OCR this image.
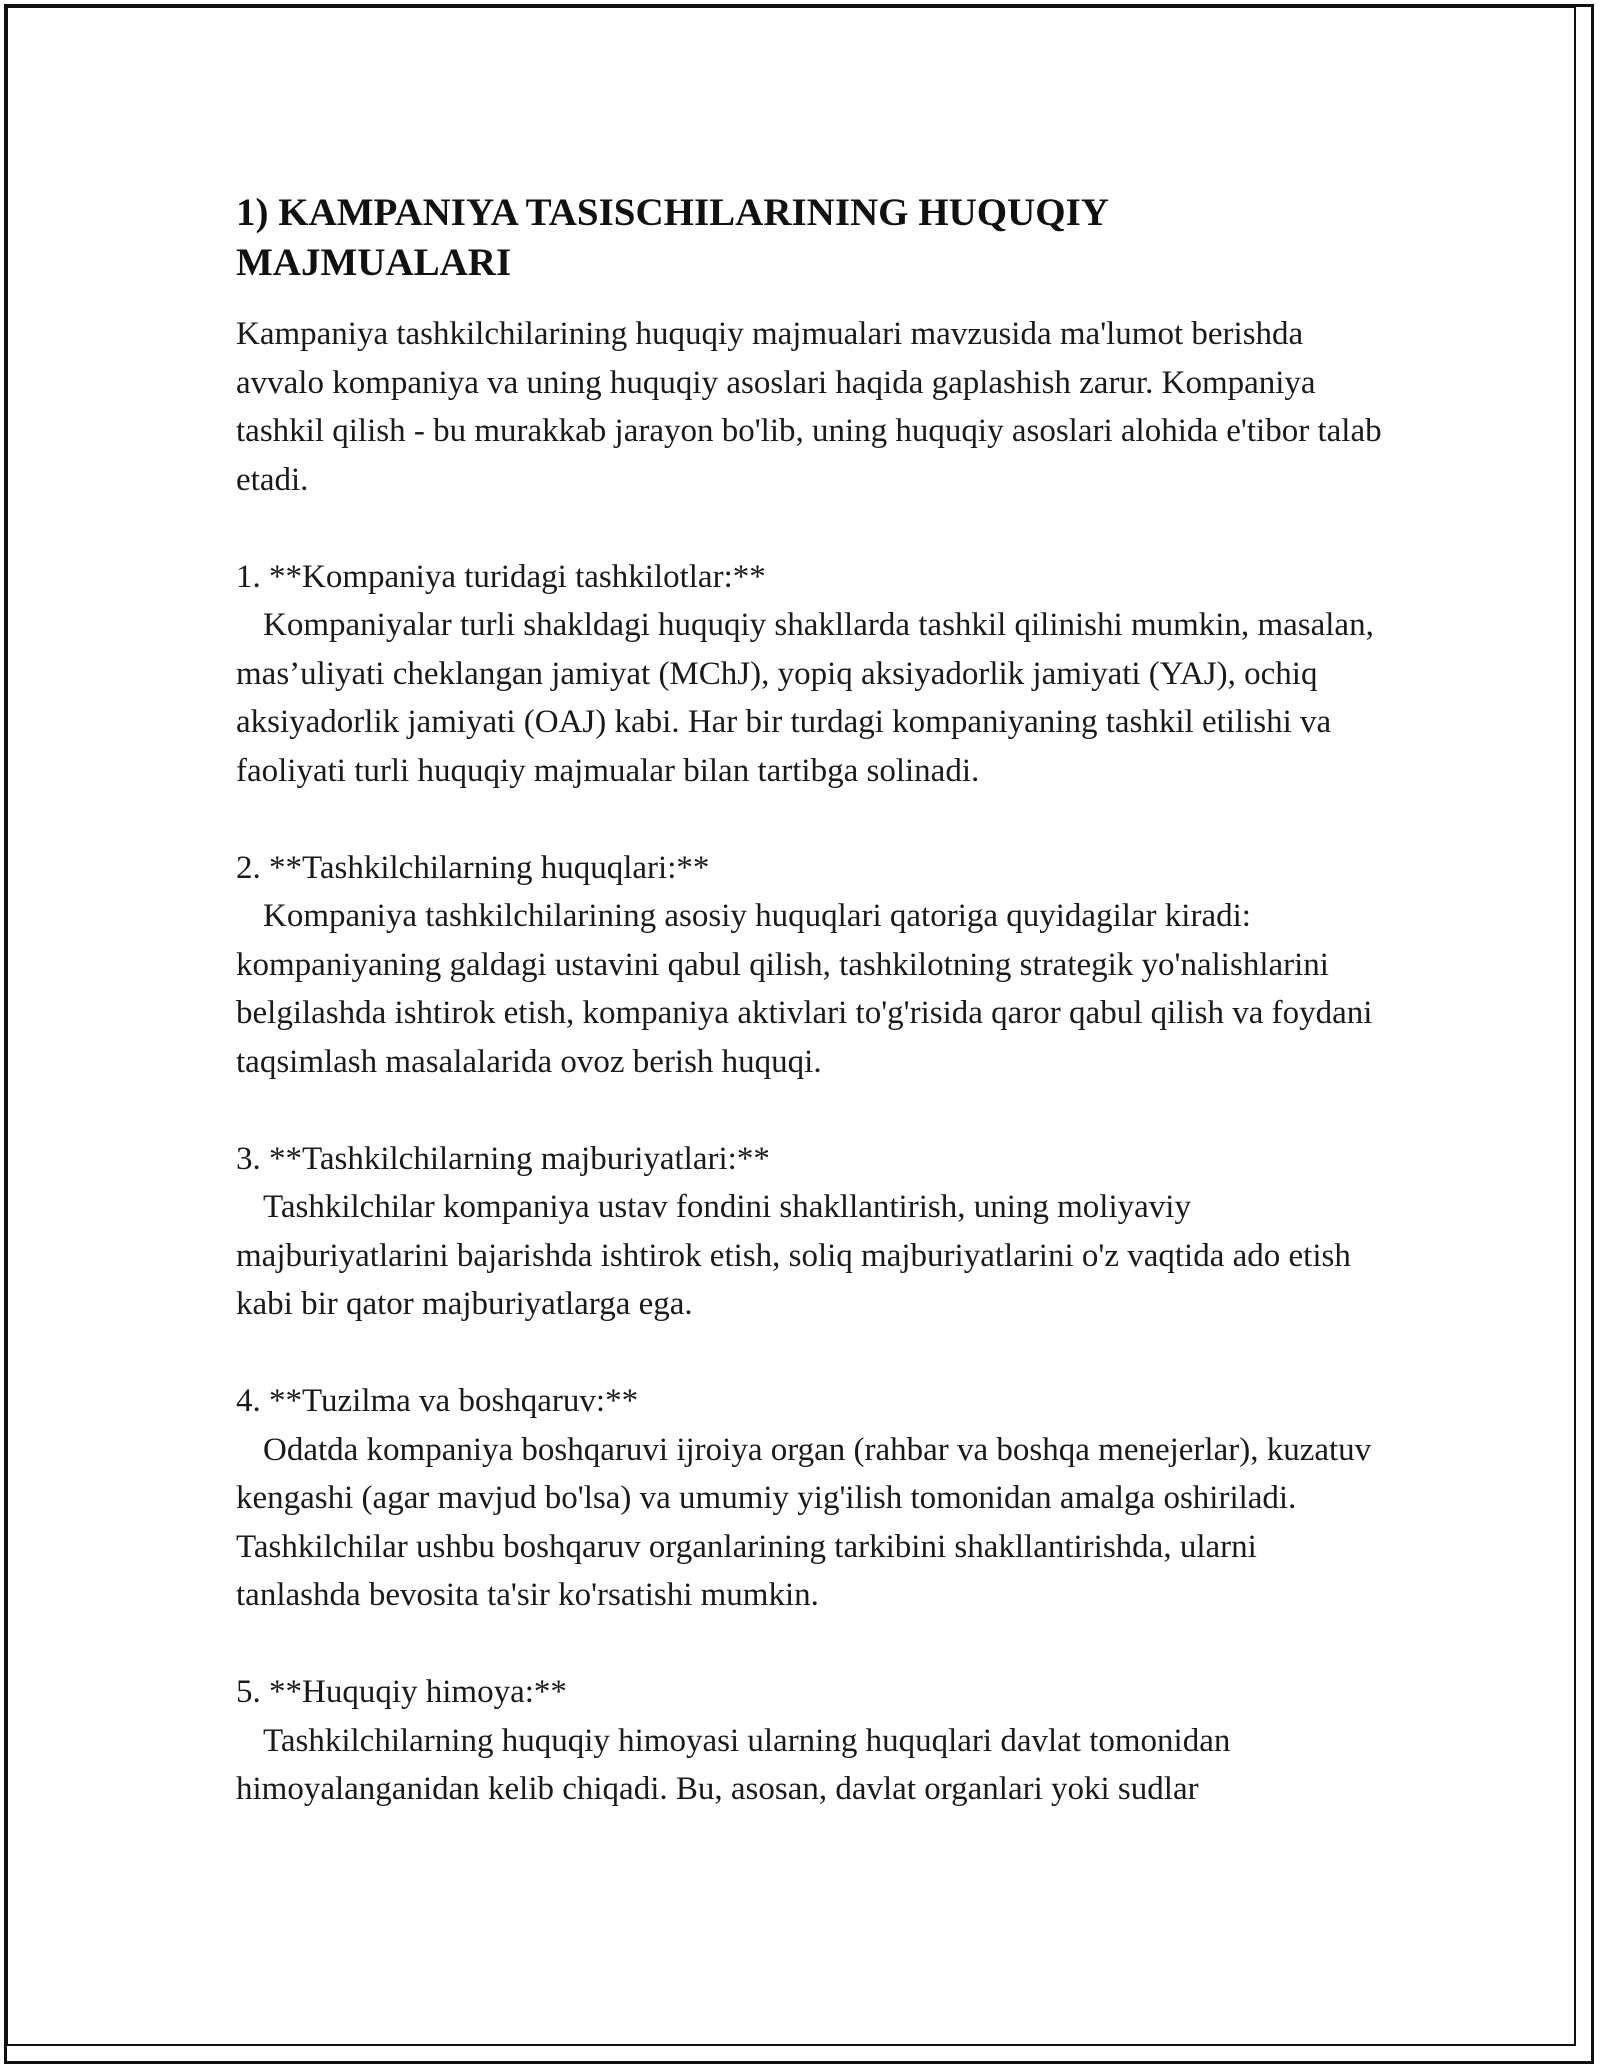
1) KAMPANIYA TASISCHILARINING HUQUQIY MAJMUALARI

Kampaniya tashkilchilarining huquqiy majmualari mavzusida ma'lumot berishda avvalo kompaniya va uning huquqiy asoslari haqida gaplashish zarur. Kompaniya tashkil qilish - bu murakkab jarayon bo'lib, uning huquqiy asoslari alohida e'tibor talab etadi.

1. **Kompaniya turidagi tashkilotlar:**

Kompaniyalar turli shakldagi huquqiy shakllarda tashkil qilinishi mumkin, masalan, mas’uliyati cheklangan jamiyat (MChJ), yopiq aksiyadorlik jamiyati (YAJ), ochiq aksiyadorlik jamiyati (OAJ) kabi. Har bir turdagi kompaniyaning tashkil etilishi va faoliyati turli huquqiy majmualar bilan tartibga solinadi.

2. **Tashkilchilarning huquqlari:**

Kompaniya tashkilchilarining asosiy huquqlari qatoriga quyidagilar kiradi: kompaniyaning galdagi ustavini qabul qilish, tashkilotning strategik yo'nalishlarini belgilashda ishtirok etish, kompaniya aktivlari to'g'risida qaror qabul qilish va foydani taqsimlash masalalarida ovoz berish huquqi.

3. **Tashkilchilarning majburiyatlari:**

Tashkilchilar kompaniya ustav fondini shakllantirish, uning moliyaviy majburiyatlarini bajarishda ishtirok etish, soliq majburiyatlarini o'z vaqtida ado etish kabi bir qator majburiyatlarga ega.

4. **Tuzilma va boshqaruv:**

Odatda kompaniya boshqaruvi ijroiya organ (rahbar va boshqa menejerlar), kuzatuv kengashi (agar mavjud bo'lsa) va umumiy yig'ilish tomonidan amalga oshiriladi. Tashkilchilar ushbu boshqaruv organlarining tarkibini shakllantirishda, ularni tanlashda bevosita ta'sir ko'rsatishi mumkin.

5. **Huquqiy himoya:**

Tashkilchilarning huquqiy himoyasi ularning huquqlari davlat tomonidan himoyalanganidan kelib chiqadi. Bu, asosan, davlat organlari yoki sudlar
